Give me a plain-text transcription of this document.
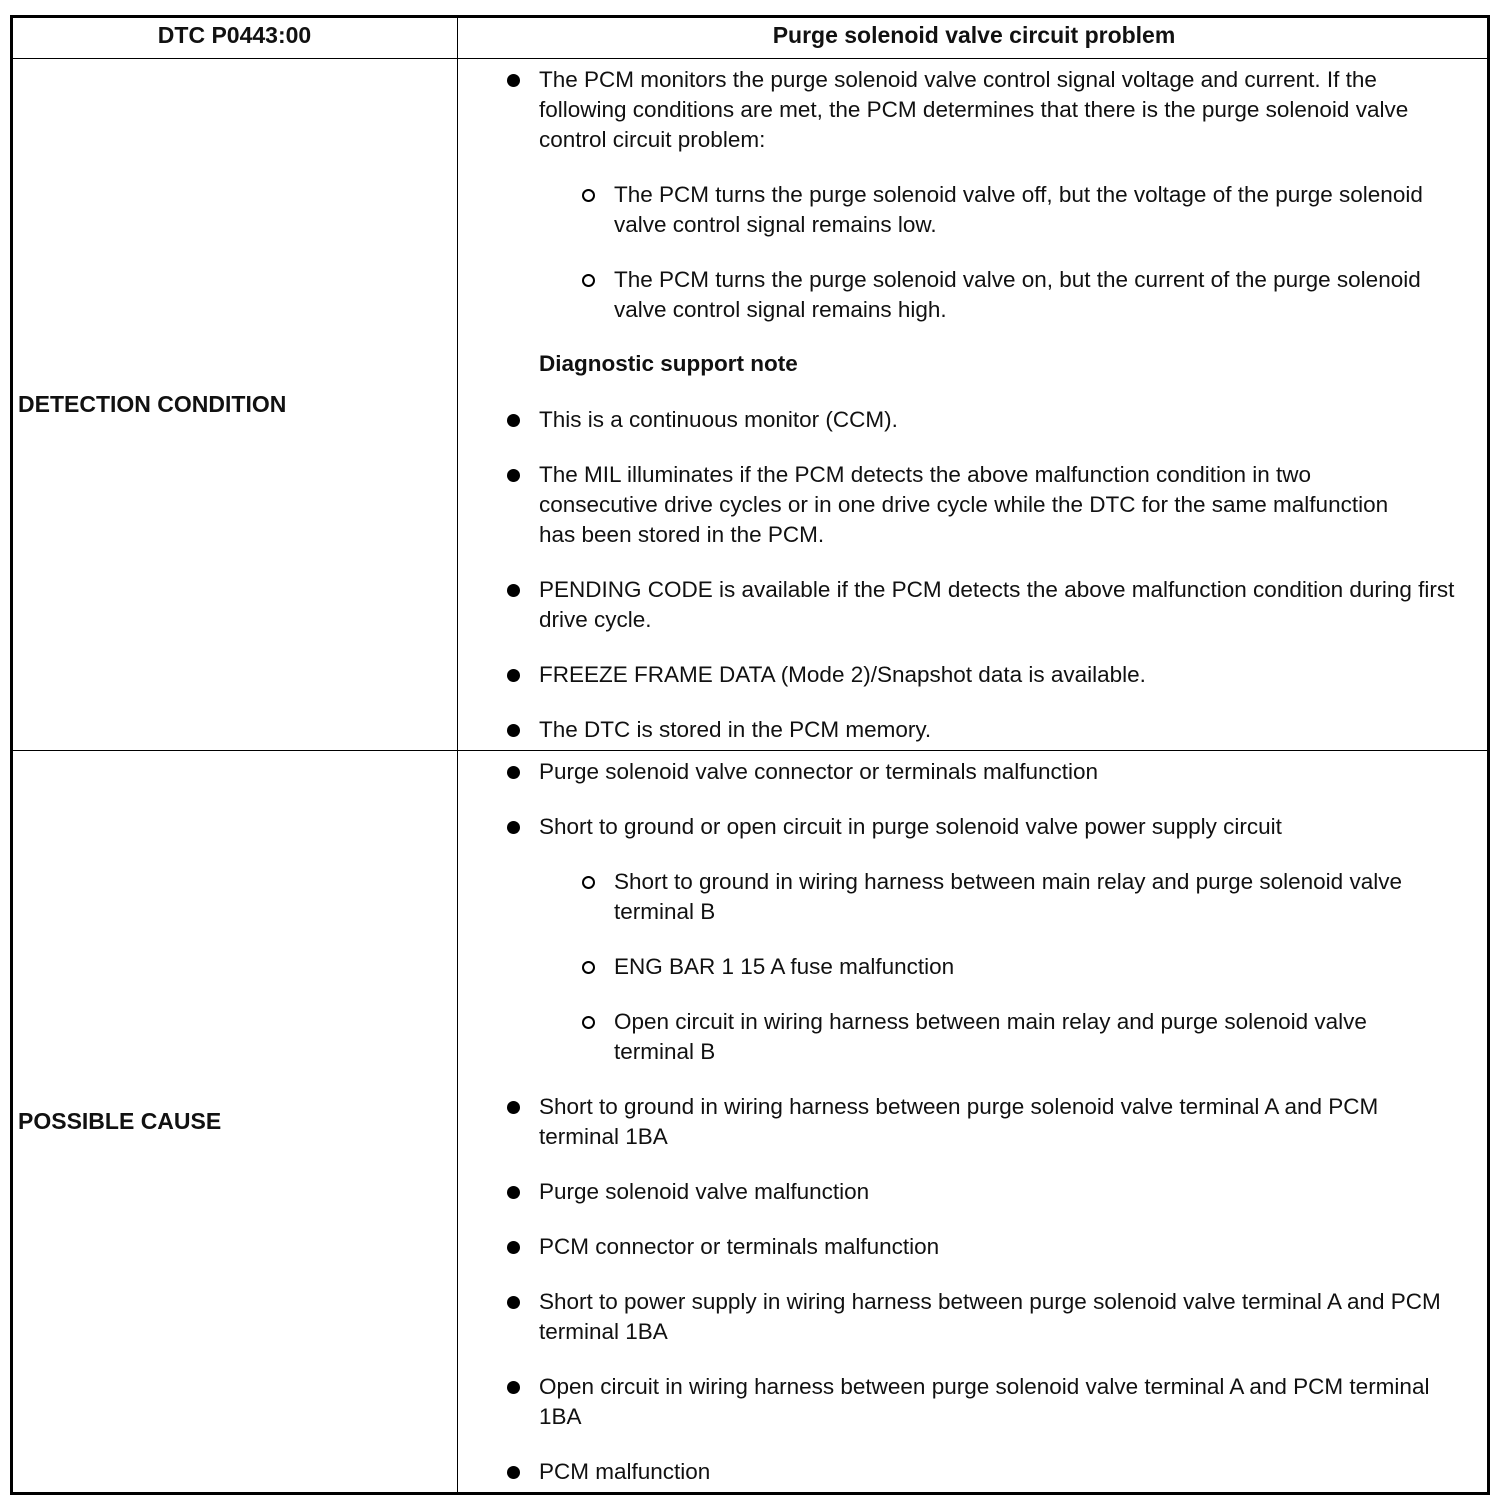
DTC P0443:00	Purge solenoid valve circuit problem
DETECTION CONDITION
The PCM monitors the purge solenoid valve control signal voltage and current. If the following conditions are met, the PCM determines that there is the purge solenoid valve control circuit problem:
The PCM turns the purge solenoid valve off, but the voltage of the purge solenoid valve control signal remains low.
The PCM turns the purge solenoid valve on, but the current of the purge solenoid valve control signal remains high.
Diagnostic support note
This is a continuous monitor (CCM).
The MIL illuminates if the PCM detects the above malfunction condition in two consecutive drive cycles or in one drive cycle while the DTC for the same malfunction has been stored in the PCM.
PENDING CODE is available if the PCM detects the above malfunction condition during first drive cycle.
FREEZE FRAME DATA (Mode 2)/Snapshot data is available.
The DTC is stored in the PCM memory.
POSSIBLE CAUSE
Purge solenoid valve connector or terminals malfunction
Short to ground or open circuit in purge solenoid valve power supply circuit
Short to ground in wiring harness between main relay and purge solenoid valve terminal B
ENG BAR 1 15 A fuse malfunction
Open circuit in wiring harness between main relay and purge solenoid valve terminal B
Short to ground in wiring harness between purge solenoid valve terminal A and PCM terminal 1BA
Purge solenoid valve malfunction
PCM connector or terminals malfunction
Short to power supply in wiring harness between purge solenoid valve terminal A and PCM terminal 1BA
Open circuit in wiring harness between purge solenoid valve terminal A and PCM terminal 1BA
PCM malfunction
